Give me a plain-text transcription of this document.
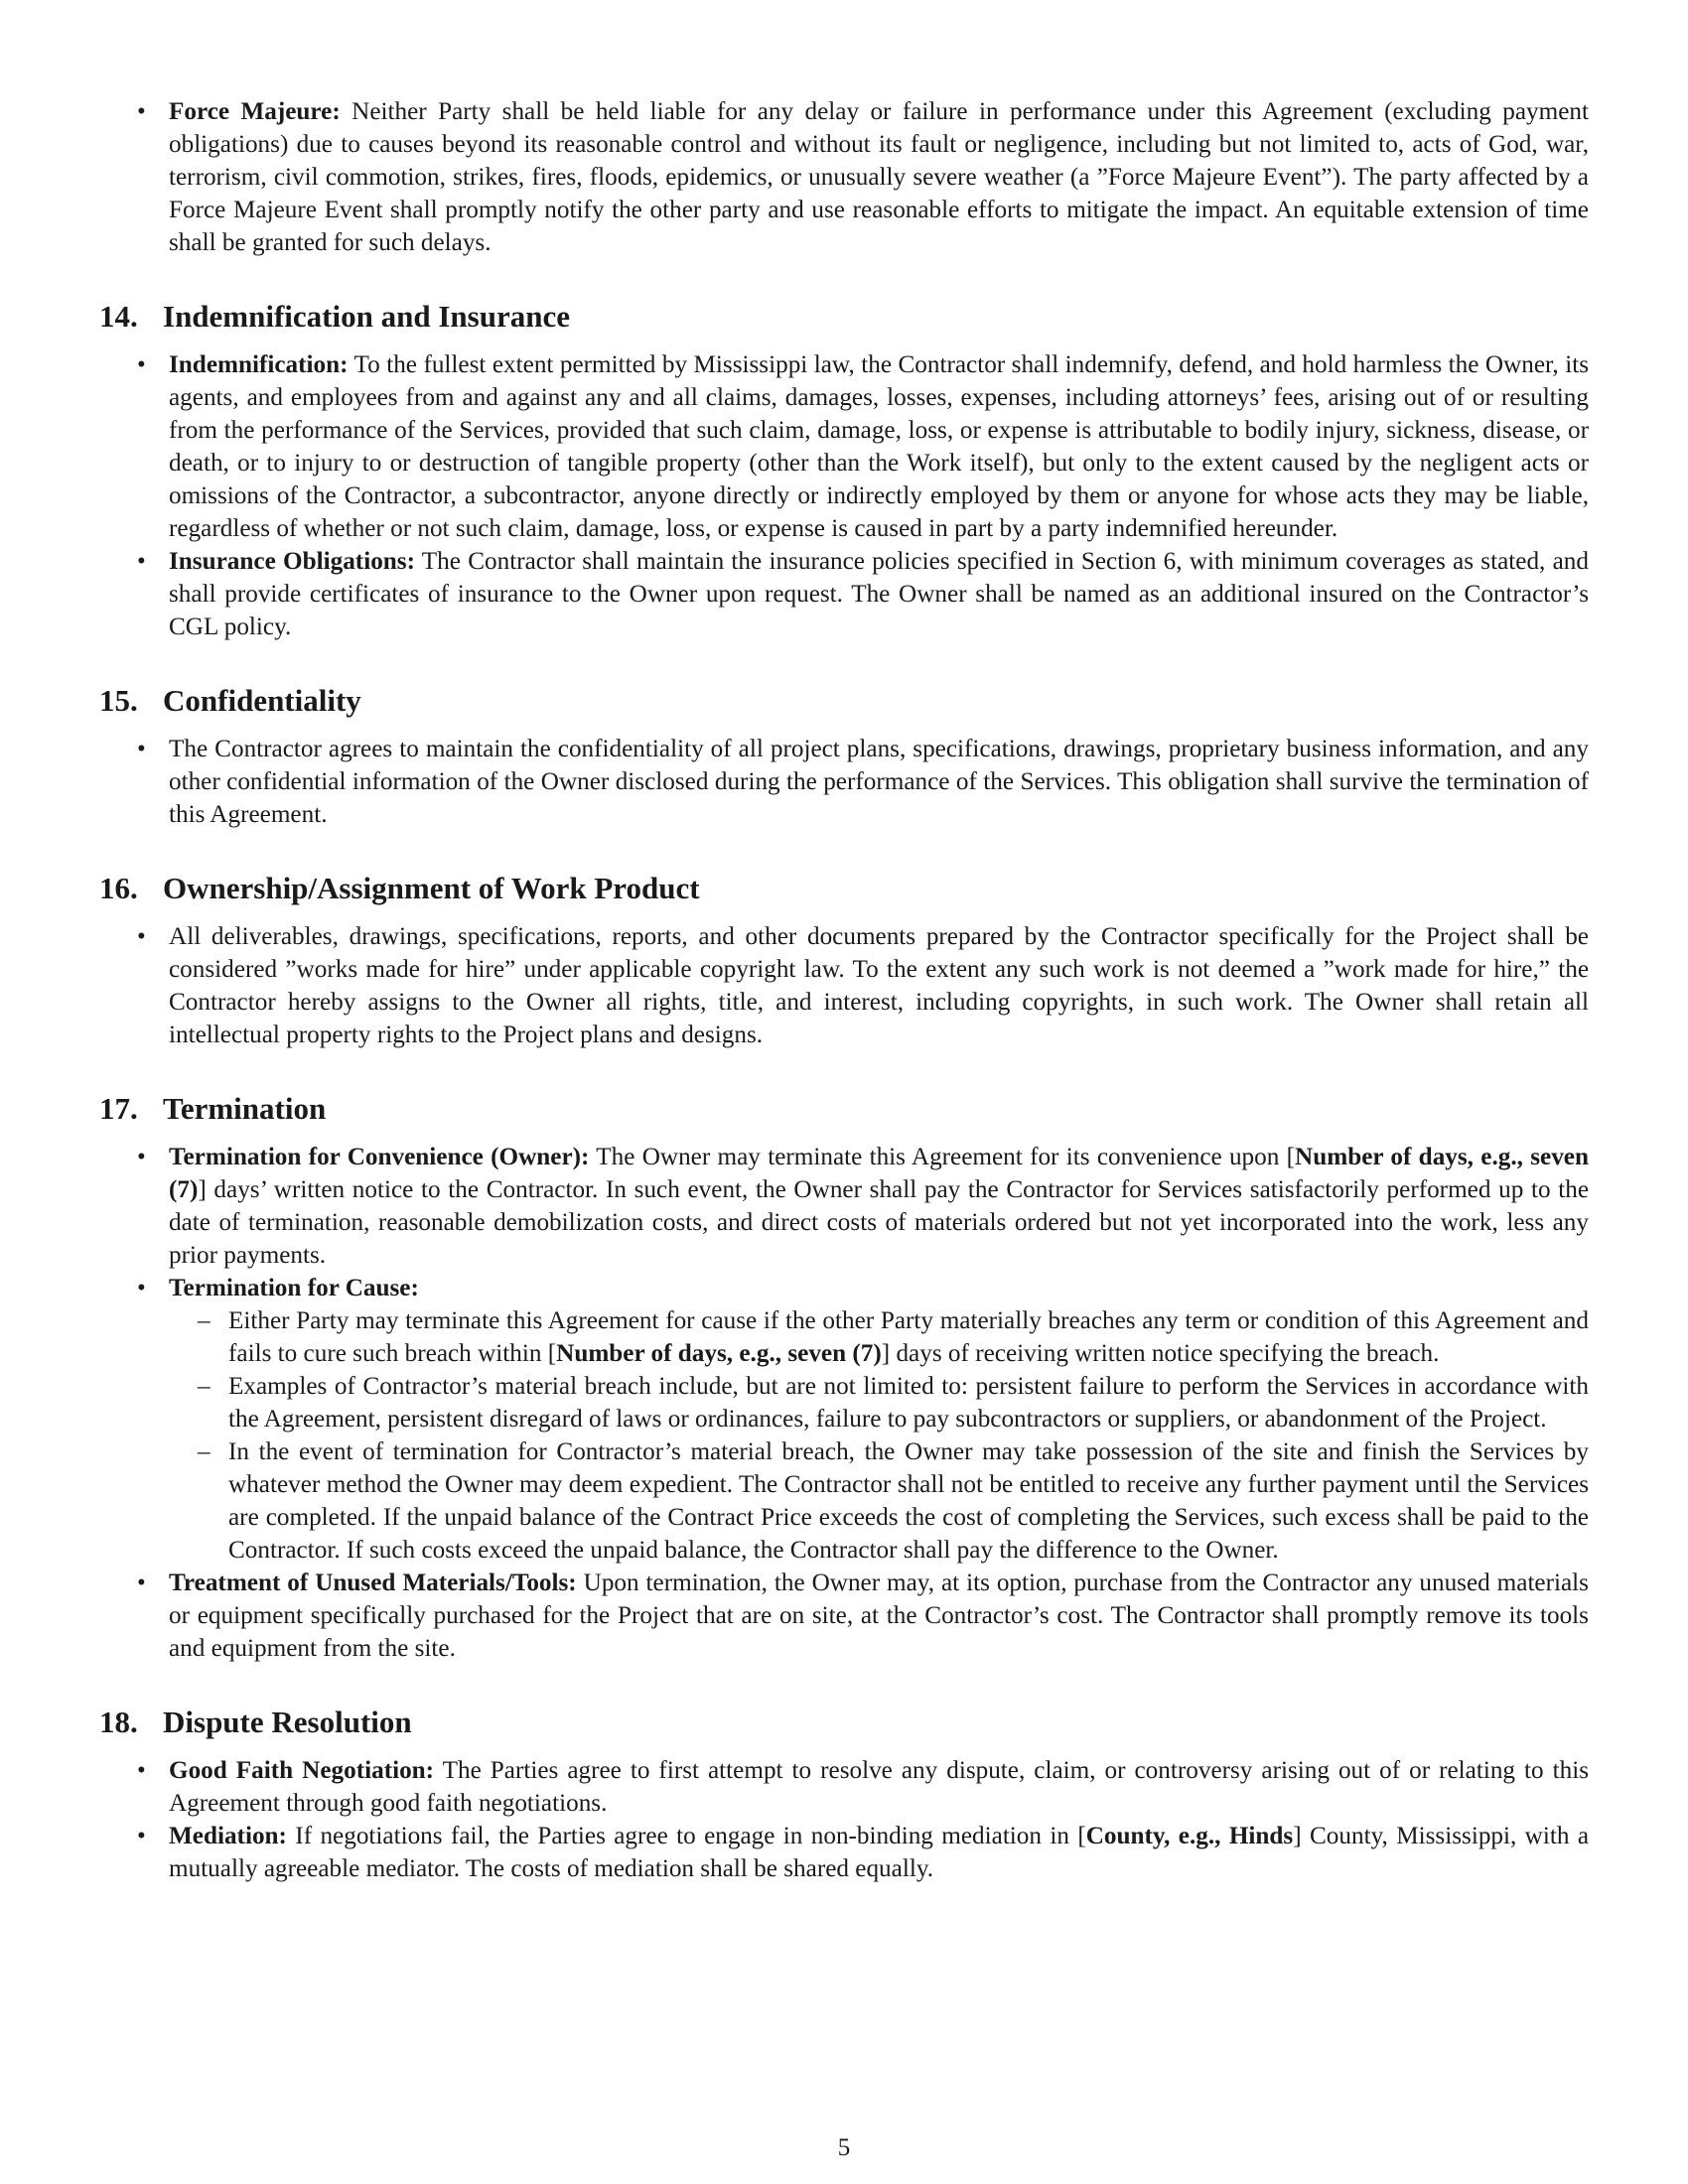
• Force Majeure: Neither Party shall be held liable for any delay or failure in performance under this Agreement (excluding payment obligations) due to causes beyond its reasonable control and without its fault or negligence, including but not limited to, acts of God, war, terrorism, civil commotion, strikes, fires, floods, epidemics, or unusually severe weather (a ”Force Majeure Event”). The party affected by a Force Majeure Event shall promptly notify the other party and use reasonable efforts to mitigate the impact. An equitable extension of time shall be granted for such delays.
14. Indemnification and Insurance
• Indemnification: To the fullest extent permitted by Mississippi law, the Contractor shall indemnify, defend, and hold harmless the Owner, its agents, and employees from and against any and all claims, damages, losses, expenses, including attorneys’ fees, arising out of or resulting from the performance of the Services, provided that such claim, damage, loss, or expense is attributable to bodily injury, sickness, disease, or death, or to injury to or destruction of tangible property (other than the Work itself), but only to the extent caused by the negligent acts or omissions of the Contractor, a subcontractor, anyone directly or indirectly employed by them or anyone for whose acts they may be liable, regardless of whether or not such claim, damage, loss, or expense is caused in part by a party indemnified hereunder.
• Insurance Obligations: The Contractor shall maintain the insurance policies specified in Section 6, with minimum coverages as stated, and shall provide certificates of insurance to the Owner upon request. The Owner shall be named as an additional insured on the Contractor’s CGL policy.
15. Confidentiality
• The Contractor agrees to maintain the confidentiality of all project plans, specifications, drawings, proprietary business information, and any other confidential information of the Owner disclosed during the performance of the Services. This obligation shall survive the termination of this Agreement.
16. Ownership/Assignment of Work Product
• All deliverables, drawings, specifications, reports, and other documents prepared by the Contractor specifically for the Project shall be considered ”works made for hire” under applicable copyright law. To the extent any such work is not deemed a ”work made for hire,” the Contractor hereby assigns to the Owner all rights, title, and interest, including copyrights, in such work. The Owner shall retain all intellectual property rights to the Project plans and designs.
17. Termination
• Termination for Convenience (Owner): The Owner may terminate this Agreement for its convenience upon [Number of days, e.g., seven (7)] days’ written notice to the Contractor. In such event, the Owner shall pay the Contractor for Services satisfactorily performed up to the date of termination, reasonable demobilization costs, and direct costs of materials ordered but not yet incorporated into the work, less any prior payments.
• Termination for Cause:
– Either Party may terminate this Agreement for cause if the other Party materially breaches any term or condition of this Agreement and fails to cure such breach within [Number of days, e.g., seven (7)] days of receiving written notice specifying the breach.
– Examples of Contractor’s material breach include, but are not limited to: persistent failure to perform the Services in accordance with the Agreement, persistent disregard of laws or ordinances, failure to pay subcontractors or suppliers, or abandonment of the Project.
– In the event of termination for Contractor’s material breach, the Owner may take possession of the site and finish the Services by whatever method the Owner may deem expedient. The Contractor shall not be entitled to receive any further payment until the Services are completed. If the unpaid balance of the Contract Price exceeds the cost of completing the Services, such excess shall be paid to the Contractor. If such costs exceed the unpaid balance, the Contractor shall pay the difference to the Owner.
• Treatment of Unused Materials/Tools: Upon termination, the Owner may, at its option, purchase from the Contractor any unused materials or equipment specifically purchased for the Project that are on site, at the Contractor’s cost. The Contractor shall promptly remove its tools and equipment from the site.
18. Dispute Resolution
• Good Faith Negotiation: The Parties agree to first attempt to resolve any dispute, claim, or controversy arising out of or relating to this Agreement through good faith negotiations.
• Mediation: If negotiations fail, the Parties agree to engage in non-binding mediation in [County, e.g., Hinds] County, Mississippi, with a mutually agreeable mediator. The costs of mediation shall be shared equally.
5
